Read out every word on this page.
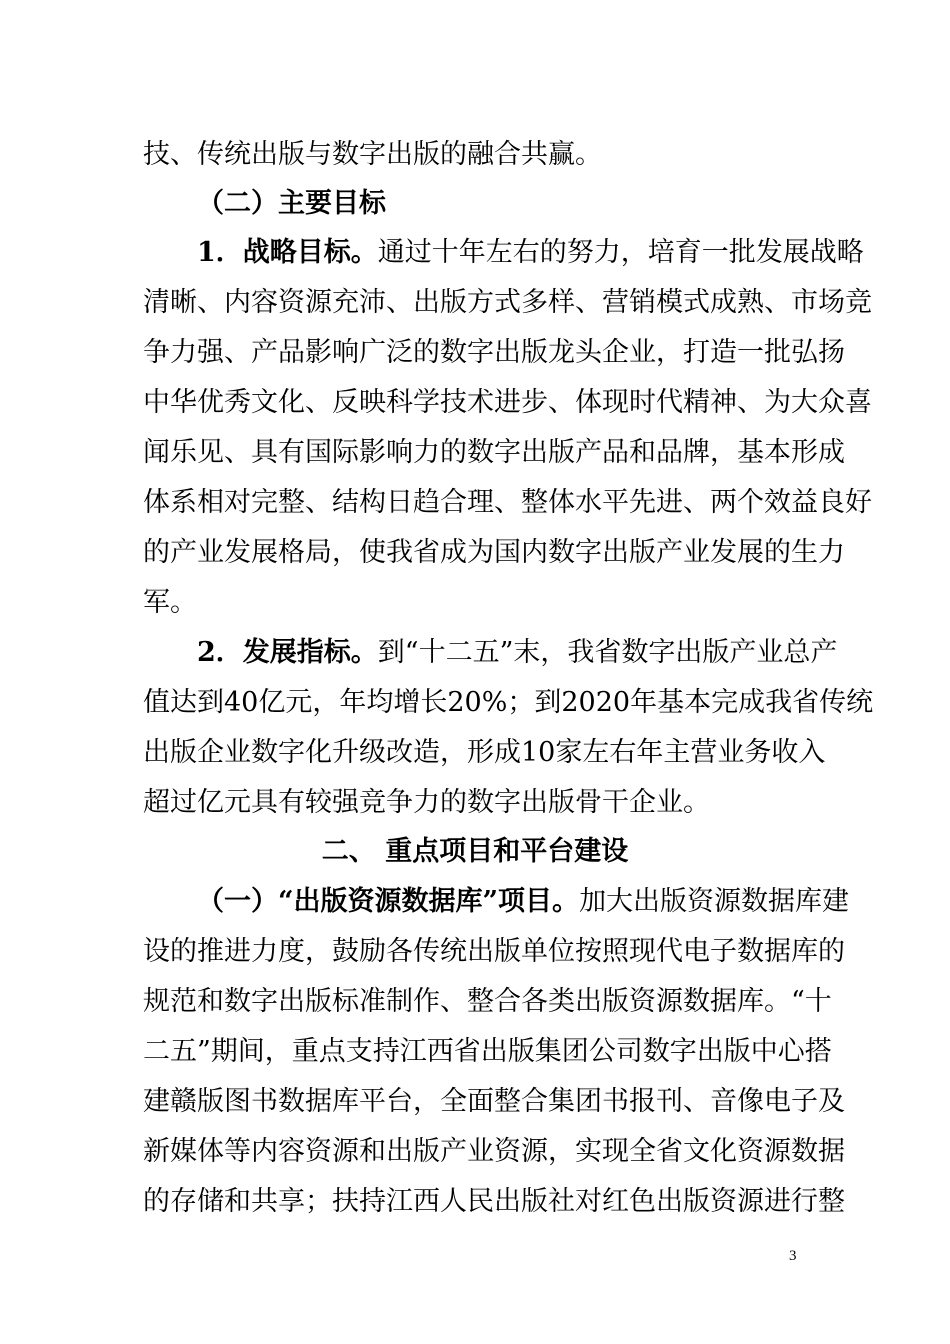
技、传统出版与数字出版的融合共赢。
（二）主要目标
1．战略目标。通过十年左右的努力，培育一批发展战略
清晰、内容资源充沛、出版方式多样、营销模式成熟、市场竞
争力强、产品影响广泛的数字出版龙头企业，打造一批弘扬
中华优秀文化、反映科学技术进步、体现时代精神、为大众喜
闻乐见、具有国际影响力的数字出版产品和品牌，基本形成
体系相对完整、结构日趋合理、整体水平先进、两个效益良好
的产业发展格局，使我省成为国内数字出版产业发展的生力
军。
2．发展指标。到“十二五”末，我省数字出版产业总产
值达到40亿元，年均增长20%；到2020年基本完成我省传统
出版企业数字化升级改造，形成10家左右年主营业务收入
超过亿元具有较强竞争力的数字出版骨干企业。
二、 重点项目和平台建设
（一）“出版资源数据库”项目。加大出版资源数据库建
设的推进力度，鼓励各传统出版单位按照现代电子数据库的
规范和数字出版标准制作、整合各类出版资源数据库。“十
二五”期间，重点支持江西省出版集团公司数字出版中心搭
建赣版图书数据库平台，全面整合集团书报刊、音像电子及
新媒体等内容资源和出版产业资源，实现全省文化资源数据
的存储和共享；扶持江西人民出版社对红色出版资源进行整
3
